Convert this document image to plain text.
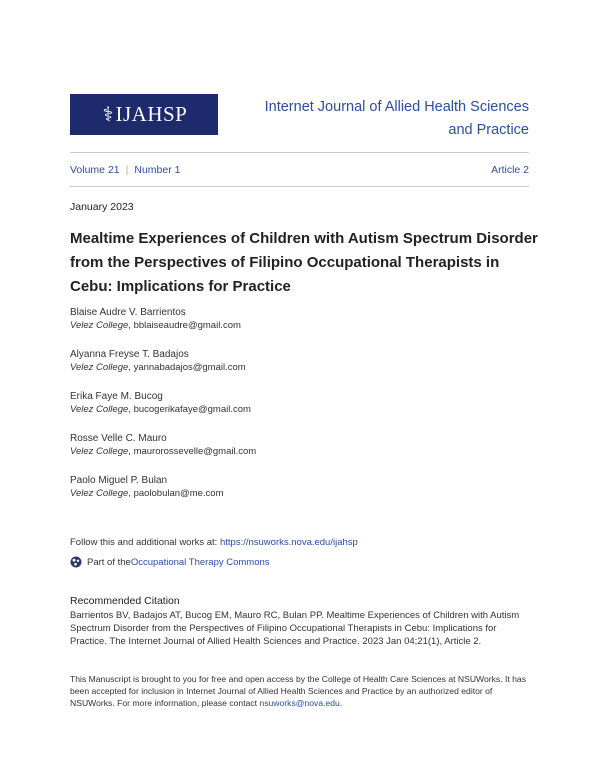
⚕ IJAHSP	Internet Journal of Allied Health Sciences
and Practice
Volume 21 | Number 1	Article 2
January 2023
Mealtime Experiences of Children with Autism Spectrum Disorder from the Perspectives of Filipino Occupational Therapists in Cebu: Implications for Practice
Blaise Audre V. Barrientos
Velez College, bblaiseaudre@gmail.com
Alyanna Freyse T. Badajos
Velez College, yannabadajos@gmail.com
Erika Faye M. Bucog
Velez College, bucogerikafaye@gmail.com
Rosse Velle C. Mauro
Velez College, maurorossevelle@gmail.com
Paolo Miguel P. Bulan
Velez College, paolobulan@me.com
Follow this and additional works at: https://nsuworks.nova.edu/ijahsp
Part of the Occupational Therapy Commons
Recommended Citation
Barrientos BV, Badajos AT, Bucog EM, Mauro RC, Bulan PP. Mealtime Experiences of Children with Autism Spectrum Disorder from the Perspectives of Filipino Occupational Therapists in Cebu: Implications for Practice. The Internet Journal of Allied Health Sciences and Practice. 2023 Jan 04;21(1), Article 2.
This Manuscript is brought to you for free and open access by the College of Health Care Sciences at NSUWorks. It has been accepted for inclusion in Internet Journal of Allied Health Sciences and Practice by an authorized editor of NSUWorks. For more information, please contact nsuworks@nova.edu.
